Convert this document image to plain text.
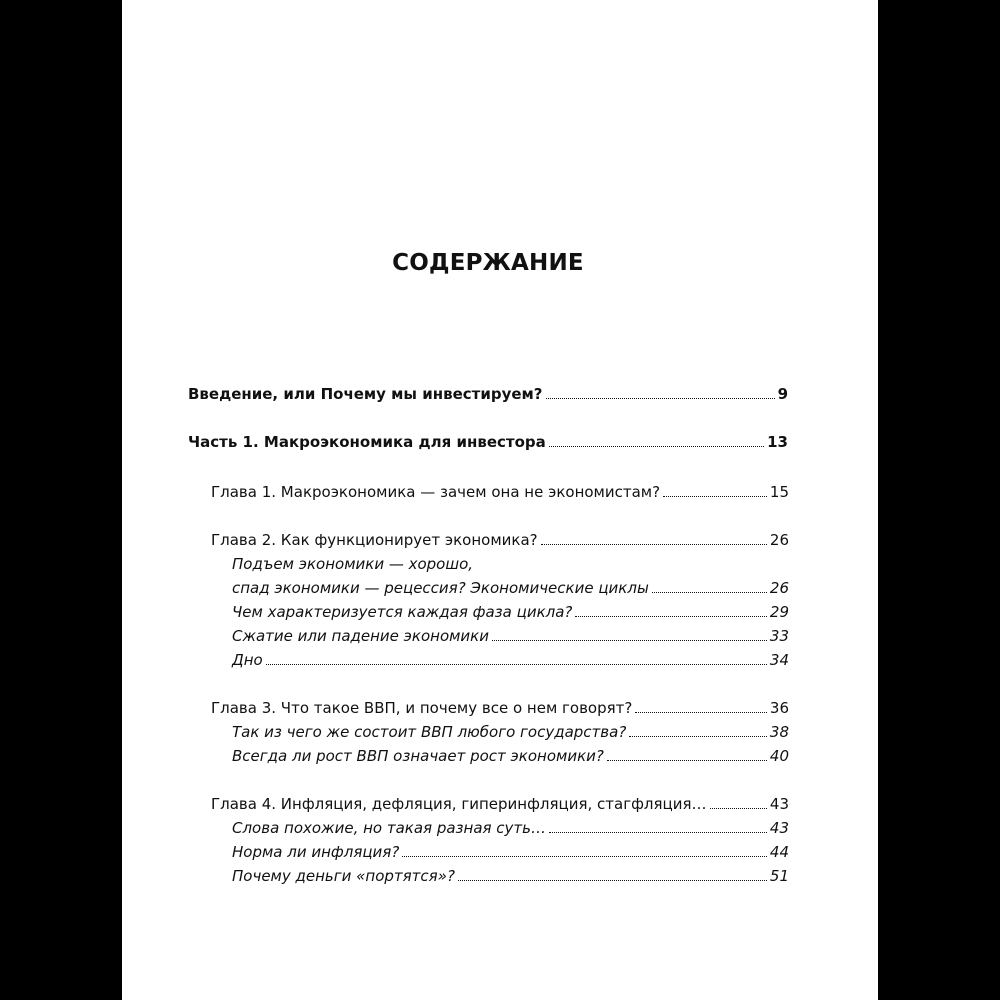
СОДЕРЖАНИЕ
Введение, или Почему мы инвестируем?	9
Часть 1. Макроэкономика для инвестора	13
Глава 1. Макроэкономика — зачем она не экономистам?	15
Глава 2. Как функционирует экономика?	26
Подъем экономики — хорошо,
спад экономики — рецессия? Экономические циклы	26
Чем характеризуется каждая фаза цикла?	29
Сжатие или падение экономики	33
Дно	34
Глава 3. Что такое ВВП, и почему все о нем говорят?	36
Так из чего же состоит ВВП любого государства?	38
Всегда ли рост ВВП означает рост экономики?	40
Глава 4. Инфляция, дефляция, гиперинфляция, стагфляция…	43
Слова похожие, но такая разная суть…	43
Норма ли инфляция?	44
Почему деньги «портятся»?	51
